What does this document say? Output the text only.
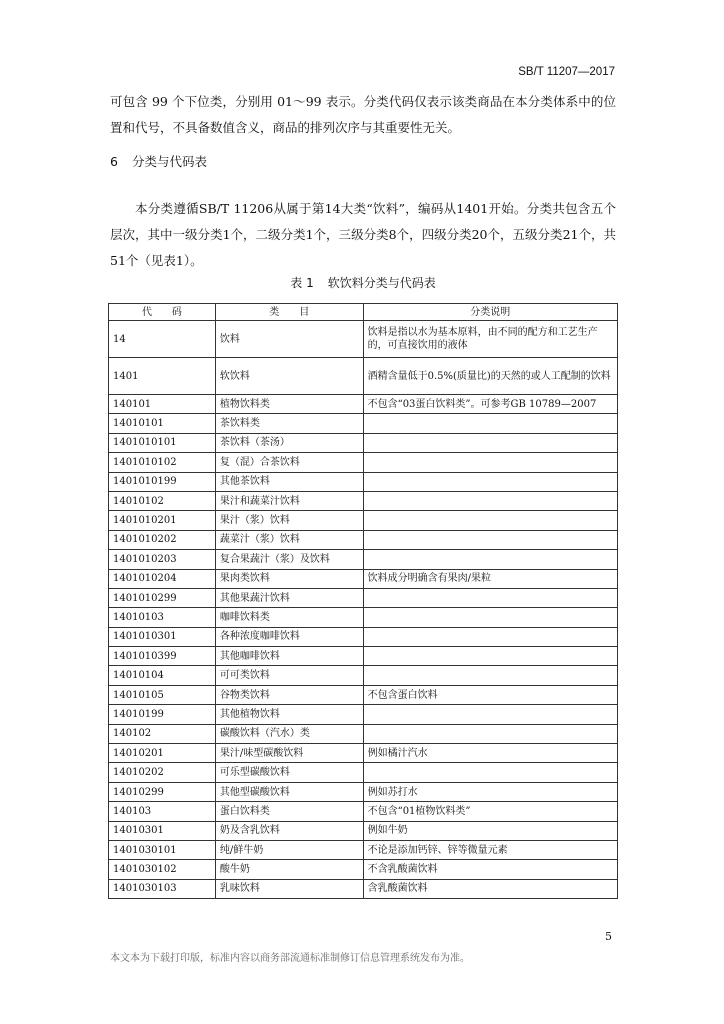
SB/T 11207—2017

可包含 99 个下位类，分别用 01～99 表示。分类代码仅表示该类商品在本分类体系中的位置和代号，不具备数值含义，商品的排列次序与其重要性无关。

6 分类与代码表

本分类遵循SB/T 11206从属于第14大类“饮料”，编码从1401开始。分类共包含五个层次，其中一级分类1个，二级分类1个，三级分类8个，四级分类20个，五级分类21个，共51个（见表1）。

表 1 软饮料分类与代码表
代　　码	类　　目	分类说明
14	饮料	饮料是指以水为基本原料，由不同的配方和工艺生产的，可直接饮用的液体
1401	软饮料	酒精含量低于0.5%(质量比)的天然的或人工配制的饮料
140101	植物饮料类	不包含“03蛋白饮料类”。可参考GB 10789—2007
14010101	茶饮料类	
1401010101	茶饮料（茶汤）	
1401010102	复（混）合茶饮料	
1401010199	其他茶饮料	
14010102	果汁和蔬菜汁饮料	
1401010201	果汁（浆）饮料	
1401010202	蔬菜汁（浆）饮料	
1401010203	复合果蔬汁（浆）及饮料	
1401010204	果肉类饮料	饮料成分明确含有果肉/果粒
1401010299	其他果蔬汁饮料	
14010103	咖啡饮料类	
1401010301	各种浓度咖啡饮料	
1401010399	其他咖啡饮料	
14010104	可可类饮料	
14010105	谷物类饮料	不包含蛋白饮料
14010199	其他植物饮料	
140102	碳酸饮料（汽水）类	
14010201	果汁/味型碳酸饮料	例如橘汁汽水
14010202	可乐型碳酸饮料	
14010299	其他型碳酸饮料	例如苏打水
140103	蛋白饮料类	不包含“01植物饮料类”
14010301	奶及含乳饮料	例如牛奶
1401030101	纯/鲜牛奶	不论是添加钙锌、锌等微量元素
1401030102	酸牛奶	不含乳酸菌饮料
1401030103	乳味饮料	含乳酸菌饮料
5
本文本为下载打印版，标准内容以商务部流通标准制修订信息管理系统发布为准。
